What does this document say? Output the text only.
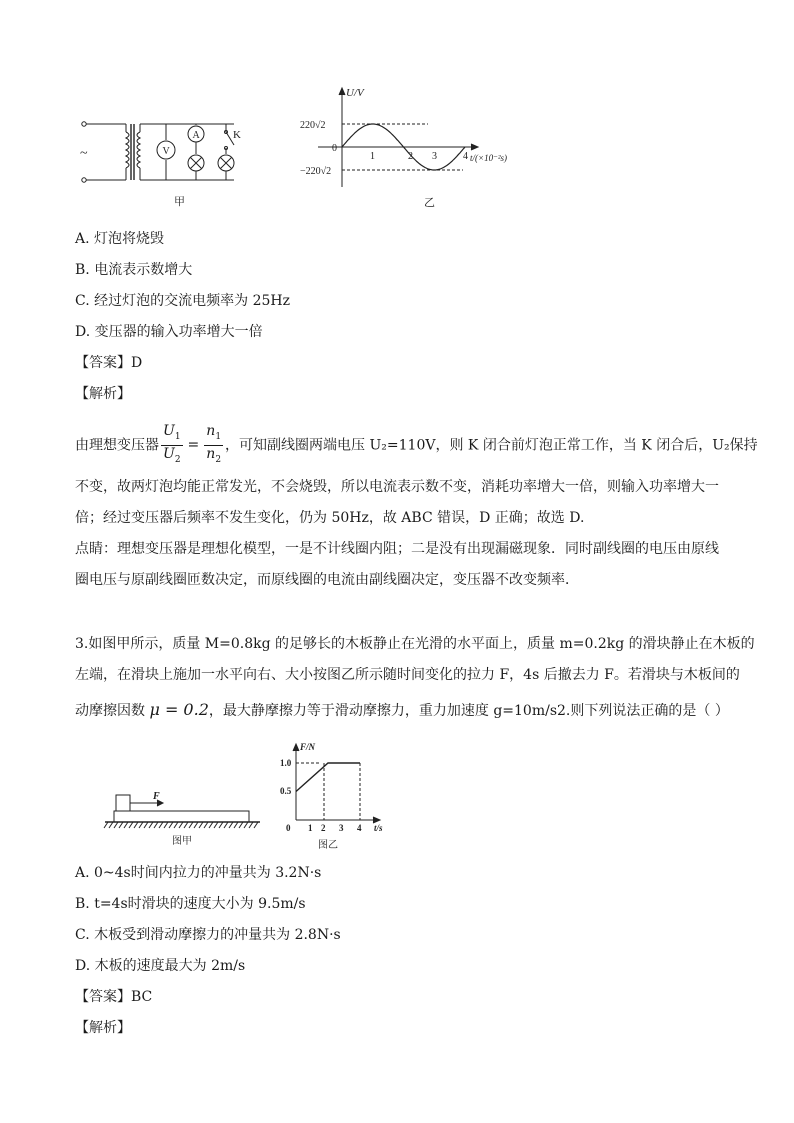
~	V
A	K
甲
U/V
220√2
−220√2
0
1	2 3	4 t/(×10⁻²s)
乙
A. 灯泡将烧毁
B. 电流表示数增大
C. 经过灯泡的交流电频率为 25Hz
D. 变压器的输入功率增大一倍
【答案】D
【解析】
由理想变压器 $\frac{U_1}{U_2} = \frac{n_1}{n_2}$ ，可知副线圈两端电压 U₂=110V，则 K 闭合前灯泡正常工作，当 K 闭合后，U₂保持
不变，故两灯泡均能正常发光，不会烧毁，所以电流表示数不变，消耗功率增大一倍，则输入功率增大一
倍；经过变压器后频率不发生变化，仍为 50Hz，故 ABC 错误，D 正确；故选 D.
点睛：理想变压器是理想化模型，一是不计线圈内阻；二是没有出现漏磁现象．同时副线圈的电压由原线
圈电压与原副线圈匝数决定，而原线圈的电流由副线圈决定，变压器不改变频率．
3.如图甲所示，质量 M=0.8kg 的足够长的木板静止在光滑的水平面上，质量 m=0.2kg 的滑块静止在木板的
左端，在滑块上施加一水平向右、大小按图乙所示随时间变化的拉力 F，4s 后撤去力 F。若滑块与木板间的
动摩擦因数 μ = 0.2，最大静摩擦力等于滑动摩擦力，重力加速度 g=10m/s2.则下列说法正确的是（ ）
F
图甲
F/N
0.5
1.0
0 1 2 3 4 t/s
图乙
A. 0~4s时间内拉力的冲量共为 3.2N·s
B. t=4s时滑块的速度大小为 9.5m/s
C. 木板受到滑动摩擦力的冲量共为 2.8N·s
D. 木板的速度最大为 2m/s
【答案】BC
【解析】
